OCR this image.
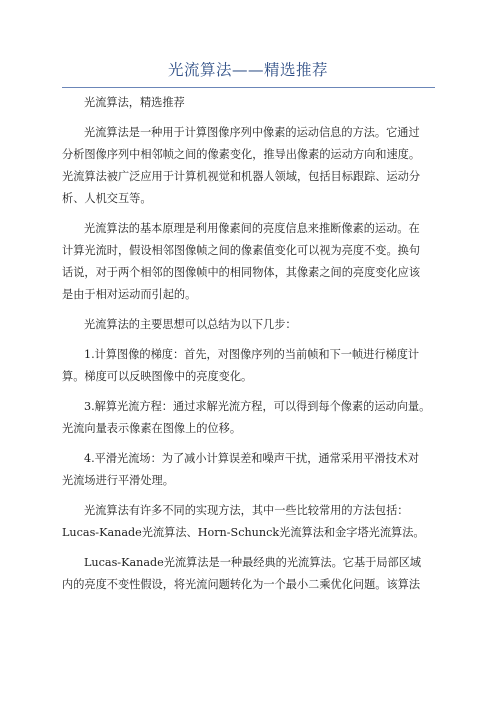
光流算法——精选推荐
光流算法，精选推荐
光流算法是一种用于计算图像序列中像素的运动信息的方法。它通过
分析图像序列中相邻帧之间的像素变化，推导出像素的运动方向和速度。
光流算法被广泛应用于计算机视觉和机器人领域，包括目标跟踪、运动分
析、人机交互等。
光流算法的基本原理是利用像素间的亮度信息来推断像素的运动。在
计算光流时，假设相邻图像帧之间的像素值变化可以视为亮度不变。换句
话说，对于两个相邻的图像帧中的相同物体，其像素之间的亮度变化应该
是由于相对运动而引起的。
光流算法的主要思想可以总结为以下几步：
1.计算图像的梯度：首先，对图像序列的当前帧和下一帧进行梯度计
算。梯度可以反映图像中的亮度变化。
3.解算光流方程：通过求解光流方程，可以得到每个像素的运动向量。
光流向量表示像素在图像上的位移。
4.平滑光流场：为了减小计算误差和噪声干扰，通常采用平滑技术对
光流场进行平滑处理。
光流算法有许多不同的实现方法，其中一些比较常用的方法包括：
Lucas-Kanade光流算法、Horn-Schunck光流算法和金字塔光流算法。
Lucas-Kanade光流算法是一种最经典的光流算法。它基于局部区域
内的亮度不变性假设，将光流问题转化为一个最小二乘优化问题。该算法
